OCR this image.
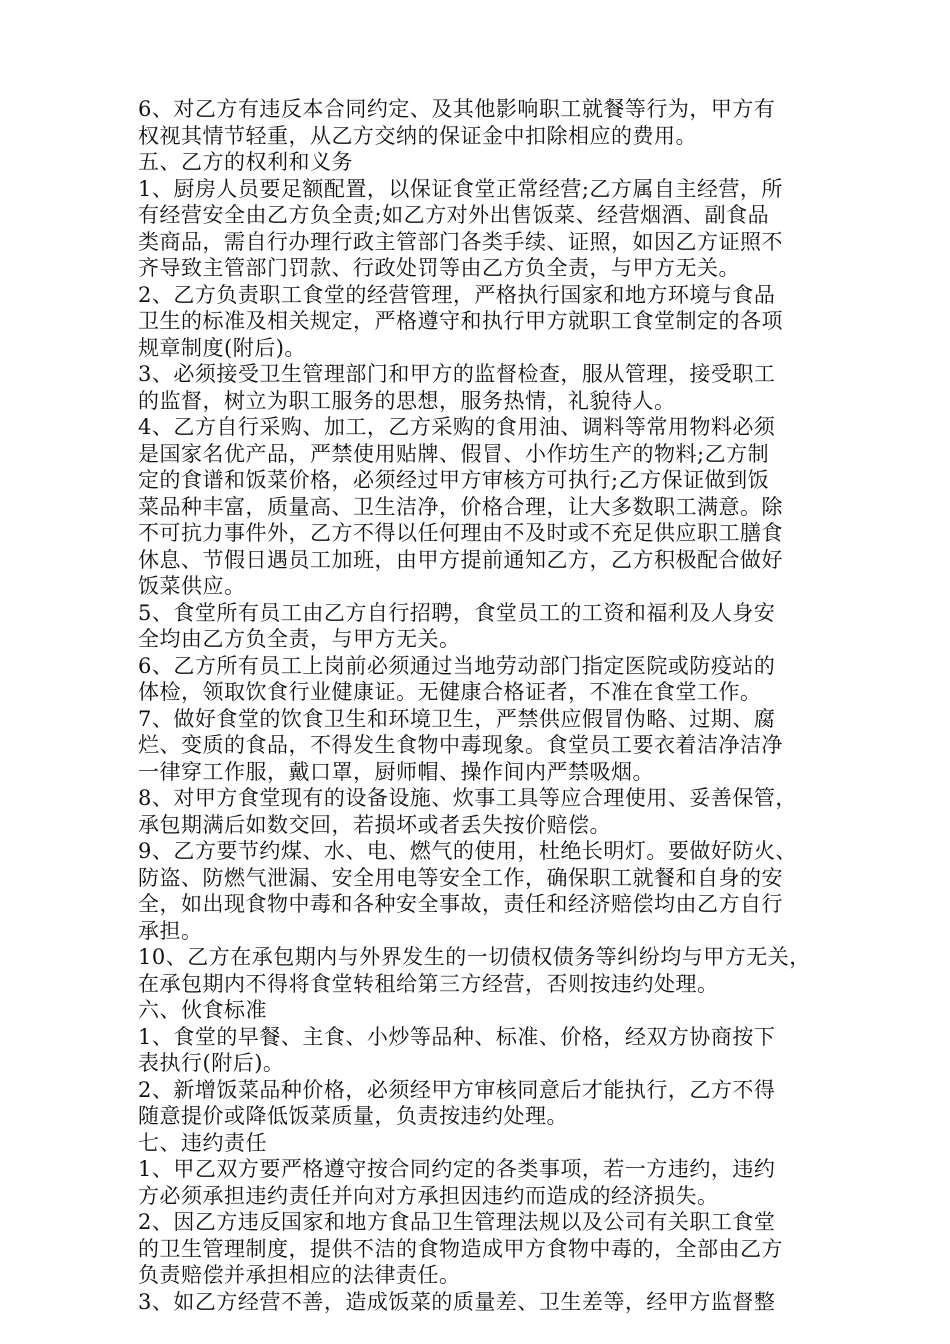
6、对乙方有违反本合同约定、及其他影响职工就餐等行为，甲方有
权视其情节轻重，从乙方交纳的保证金中扣除相应的费用。
五、乙方的权利和义务
1、厨房人员要足额配置，以保证食堂正常经营;乙方属自主经营，所
有经营安全由乙方负全责;如乙方对外出售饭菜、经营烟酒、副食品
类商品，需自行办理行政主管部门各类手续、证照，如因乙方证照不
齐导致主管部门罚款、行政处罚等由乙方负全责，与甲方无关。
2、乙方负责职工食堂的经营管理，严格执行国家和地方环境与食品
卫生的标准及相关规定，严格遵守和执行甲方就职工食堂制定的各项
规章制度(附后)。
3、必须接受卫生管理部门和甲方的监督检查，服从管理，接受职工
的监督，树立为职工服务的思想，服务热情，礼貌待人。
4、乙方自行采购、加工，乙方采购的食用油、调料等常用物料必须
是国家名优产品，严禁使用贴牌、假冒、小作坊生产的物料;乙方制
定的食谱和饭菜价格，必须经过甲方审核方可执行;乙方保证做到饭
菜品种丰富，质量高、卫生洁净，价格合理，让大多数职工满意。除
不可抗力事件外，乙方不得以任何理由不及时或不充足供应职工膳食
休息、节假日遇员工加班，由甲方提前通知乙方，乙方积极配合做好
饭菜供应。
5、食堂所有员工由乙方自行招聘，食堂员工的工资和福利及人身安
全均由乙方负全责，与甲方无关。
6、乙方所有员工上岗前必须通过当地劳动部门指定医院或防疫站的
体检，领取饮食行业健康证。无健康合格证者，不准在食堂工作。
7、做好食堂的饮食卫生和环境卫生，严禁供应假冒伪略、过期、腐
烂、变质的食品，不得发生食物中毒现象。食堂员工要衣着洁净洁净
一律穿工作服，戴口罩，厨师帽、操作间内严禁吸烟。
8、对甲方食堂现有的设备设施、炊事工具等应合理使用、妥善保管，
承包期满后如数交回，若损坏或者丢失按价赔偿。
9、乙方要节约煤、水、电、燃气的使用，杜绝长明灯。要做好防火、
防盗、防燃气泄漏、安全用电等安全工作，确保职工就餐和自身的安
全，如出现食物中毒和各种安全事故，责任和经济赔偿均由乙方自行
承担。
10、乙方在承包期内与外界发生的一切债权债务等纠纷均与甲方无关，
在承包期内不得将食堂转租给第三方经营，否则按违约处理。
六、伙食标准
1、食堂的早餐、主食、小炒等品种、标准、价格，经双方协商按下
表执行(附后)。
2、新增饭菜品种价格，必须经甲方审核同意后才能执行，乙方不得
随意提价或降低饭菜质量，负责按违约处理。
七、违约责任
1、甲乙双方要严格遵守按合同约定的各类事项，若一方违约，违约
方必须承担违约责任并向对方承担因违约而造成的经济损失。
2、因乙方违反国家和地方食品卫生管理法规以及公司有关职工食堂
的卫生管理制度，提供不洁的食物造成甲方食物中毒的，全部由乙方
负责赔偿并承担相应的法律责任。
3、如乙方经营不善，造成饭菜的质量差、卫生差等，经甲方监督整
